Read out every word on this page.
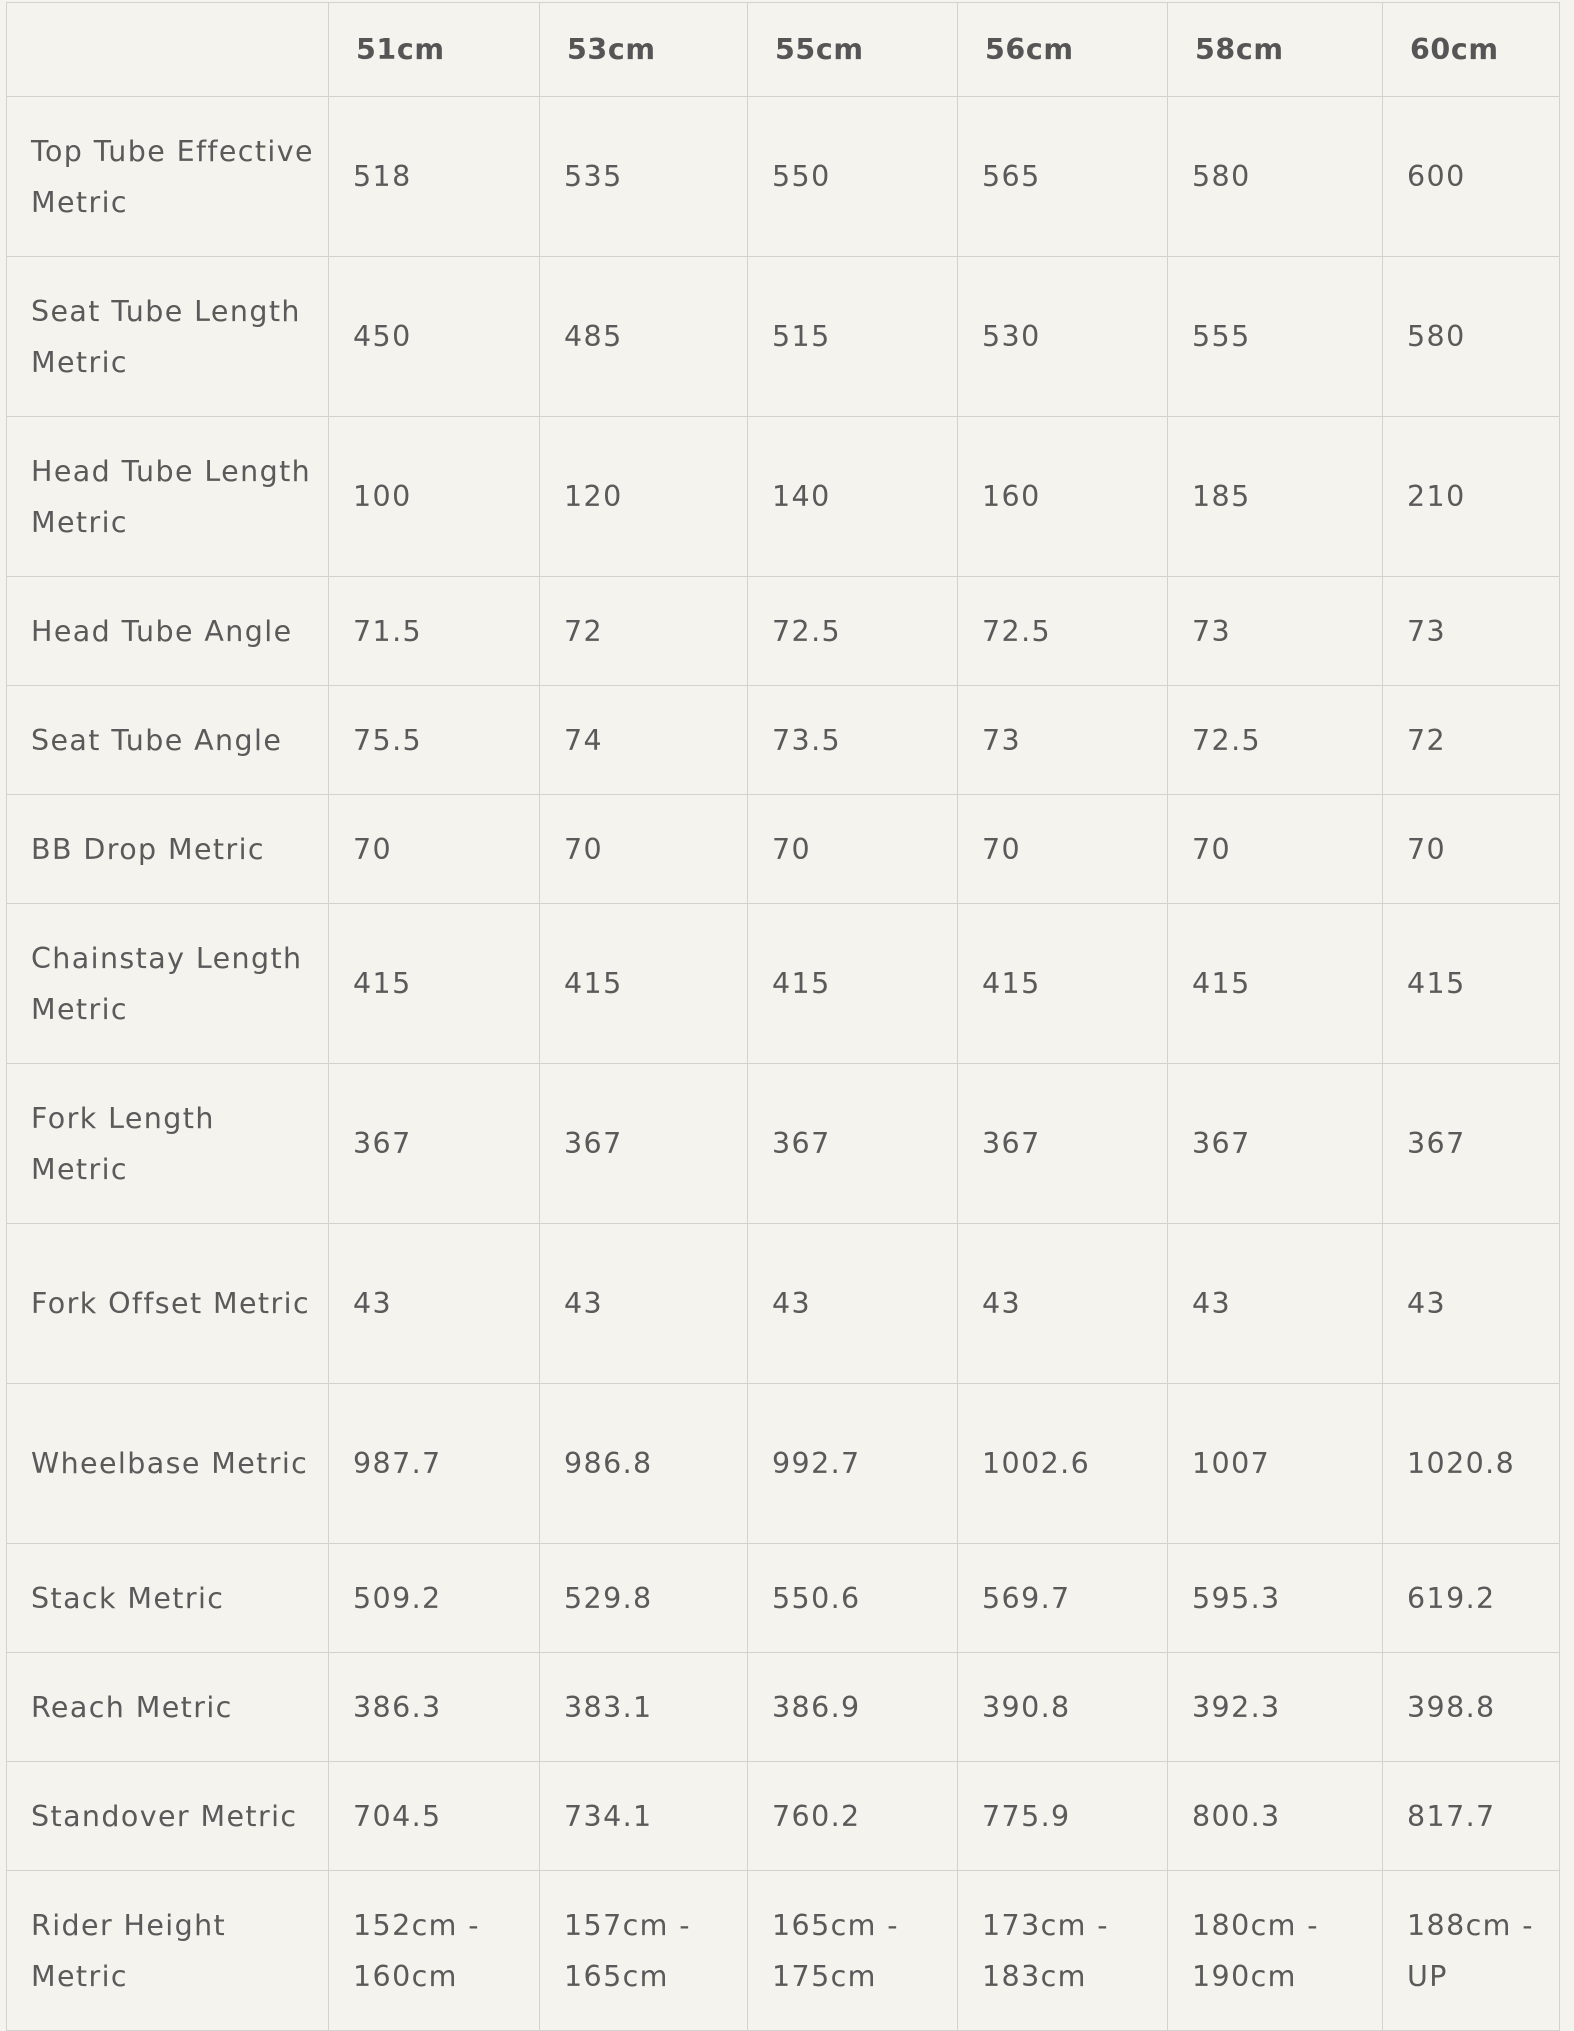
	51cm	53cm	55cm	56cm	58cm	60cm
Top Tube Effective Metric	518	535	550	565	580	600
Seat Tube Length Metric	450	485	515	530	555	580
Head Tube Length Metric	100	120	140	160	185	210
Head Tube Angle	71.5	72	72.5	72.5	73	73
Seat Tube Angle	75.5	74	73.5	73	72.5	72
BB Drop Metric	70	70	70	70	70	70
Chainstay Length Metric	415	415	415	415	415	415
Fork Length Metric	367	367	367	367	367	367
Fork Offset Metric	43	43	43	43	43	43
Wheelbase Metric	987.7	986.8	992.7	1002.6	1007	1020.8
Stack Metric	509.2	529.8	550.6	569.7	595.3	619.2
Reach Metric	386.3	383.1	386.9	390.8	392.3	398.8
Standover Metric	704.5	734.1	760.2	775.9	800.3	817.7
Rider Height Metric	152cm - 160cm	157cm - 165cm	165cm - 175cm	173cm - 183cm	180cm - 190cm	188cm - UP
